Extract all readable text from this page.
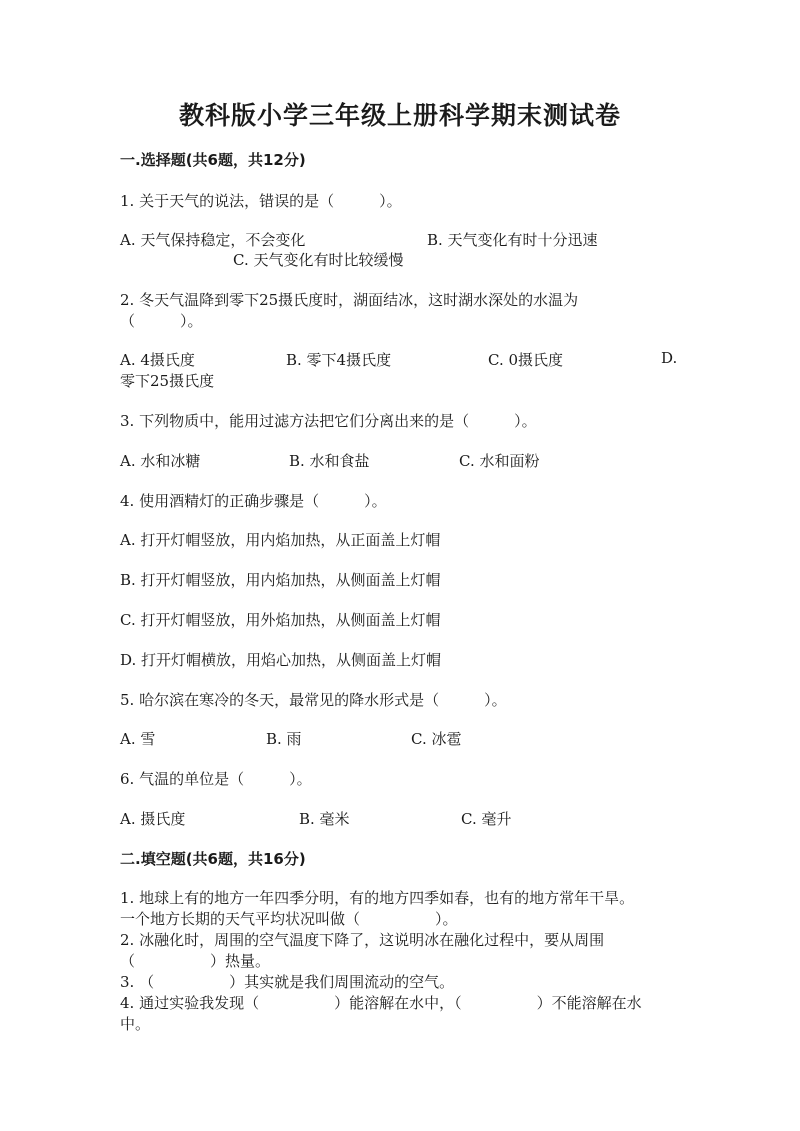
教科版小学三年级上册科学期末测试卷
一.选择题(共6题，共12分)
1. 关于天气的说法，错误的是（　　　）。
A. 天气保持稳定，不会变化	B. 天气变化有时十分迅速
C. 天气变化有时比较缓慢
2. 冬天气温降到零下25摄氏度时，湖面结冰，这时湖水深处的水温为
（　　　）。
A. 4摄氏度	B. 零下4摄氏度	C. 0摄氏度	D.
零下25摄氏度
3. 下列物质中，能用过滤方法把它们分离出来的是（　　　）。
A. 水和冰糖	B. 水和食盐	C. 水和面粉
4. 使用酒精灯的正确步骤是（　　　）。
A. 打开灯帽竖放，用内焰加热，从正面盖上灯帽
B. 打开灯帽竖放，用内焰加热，从侧面盖上灯帽
C. 打开灯帽竖放，用外焰加热，从侧面盖上灯帽
D. 打开灯帽横放，用焰心加热，从侧面盖上灯帽
5. 哈尔滨在寒冷的冬天，最常见的降水形式是（　　　）。
A. 雪	B. 雨	C. 冰雹
6. 气温的单位是（　　　）。
A. 摄氏度	B. 毫米	C. 毫升
二.填空题(共6题，共16分)
1. 地球上有的地方一年四季分明，有的地方四季如春，也有的地方常年干旱。
一个地方长期的天气平均状况叫做（　　　　　）。
2. 冰融化时，周围的空气温度下降了，这说明冰在融化过程中，要从周围
（　　　　　）热量。
3. （　　　　　）其实就是我们周围流动的空气。
4. 通过实验我发现（　　　　　）能溶解在水中，（　　　　　）不能溶解在水
中。
